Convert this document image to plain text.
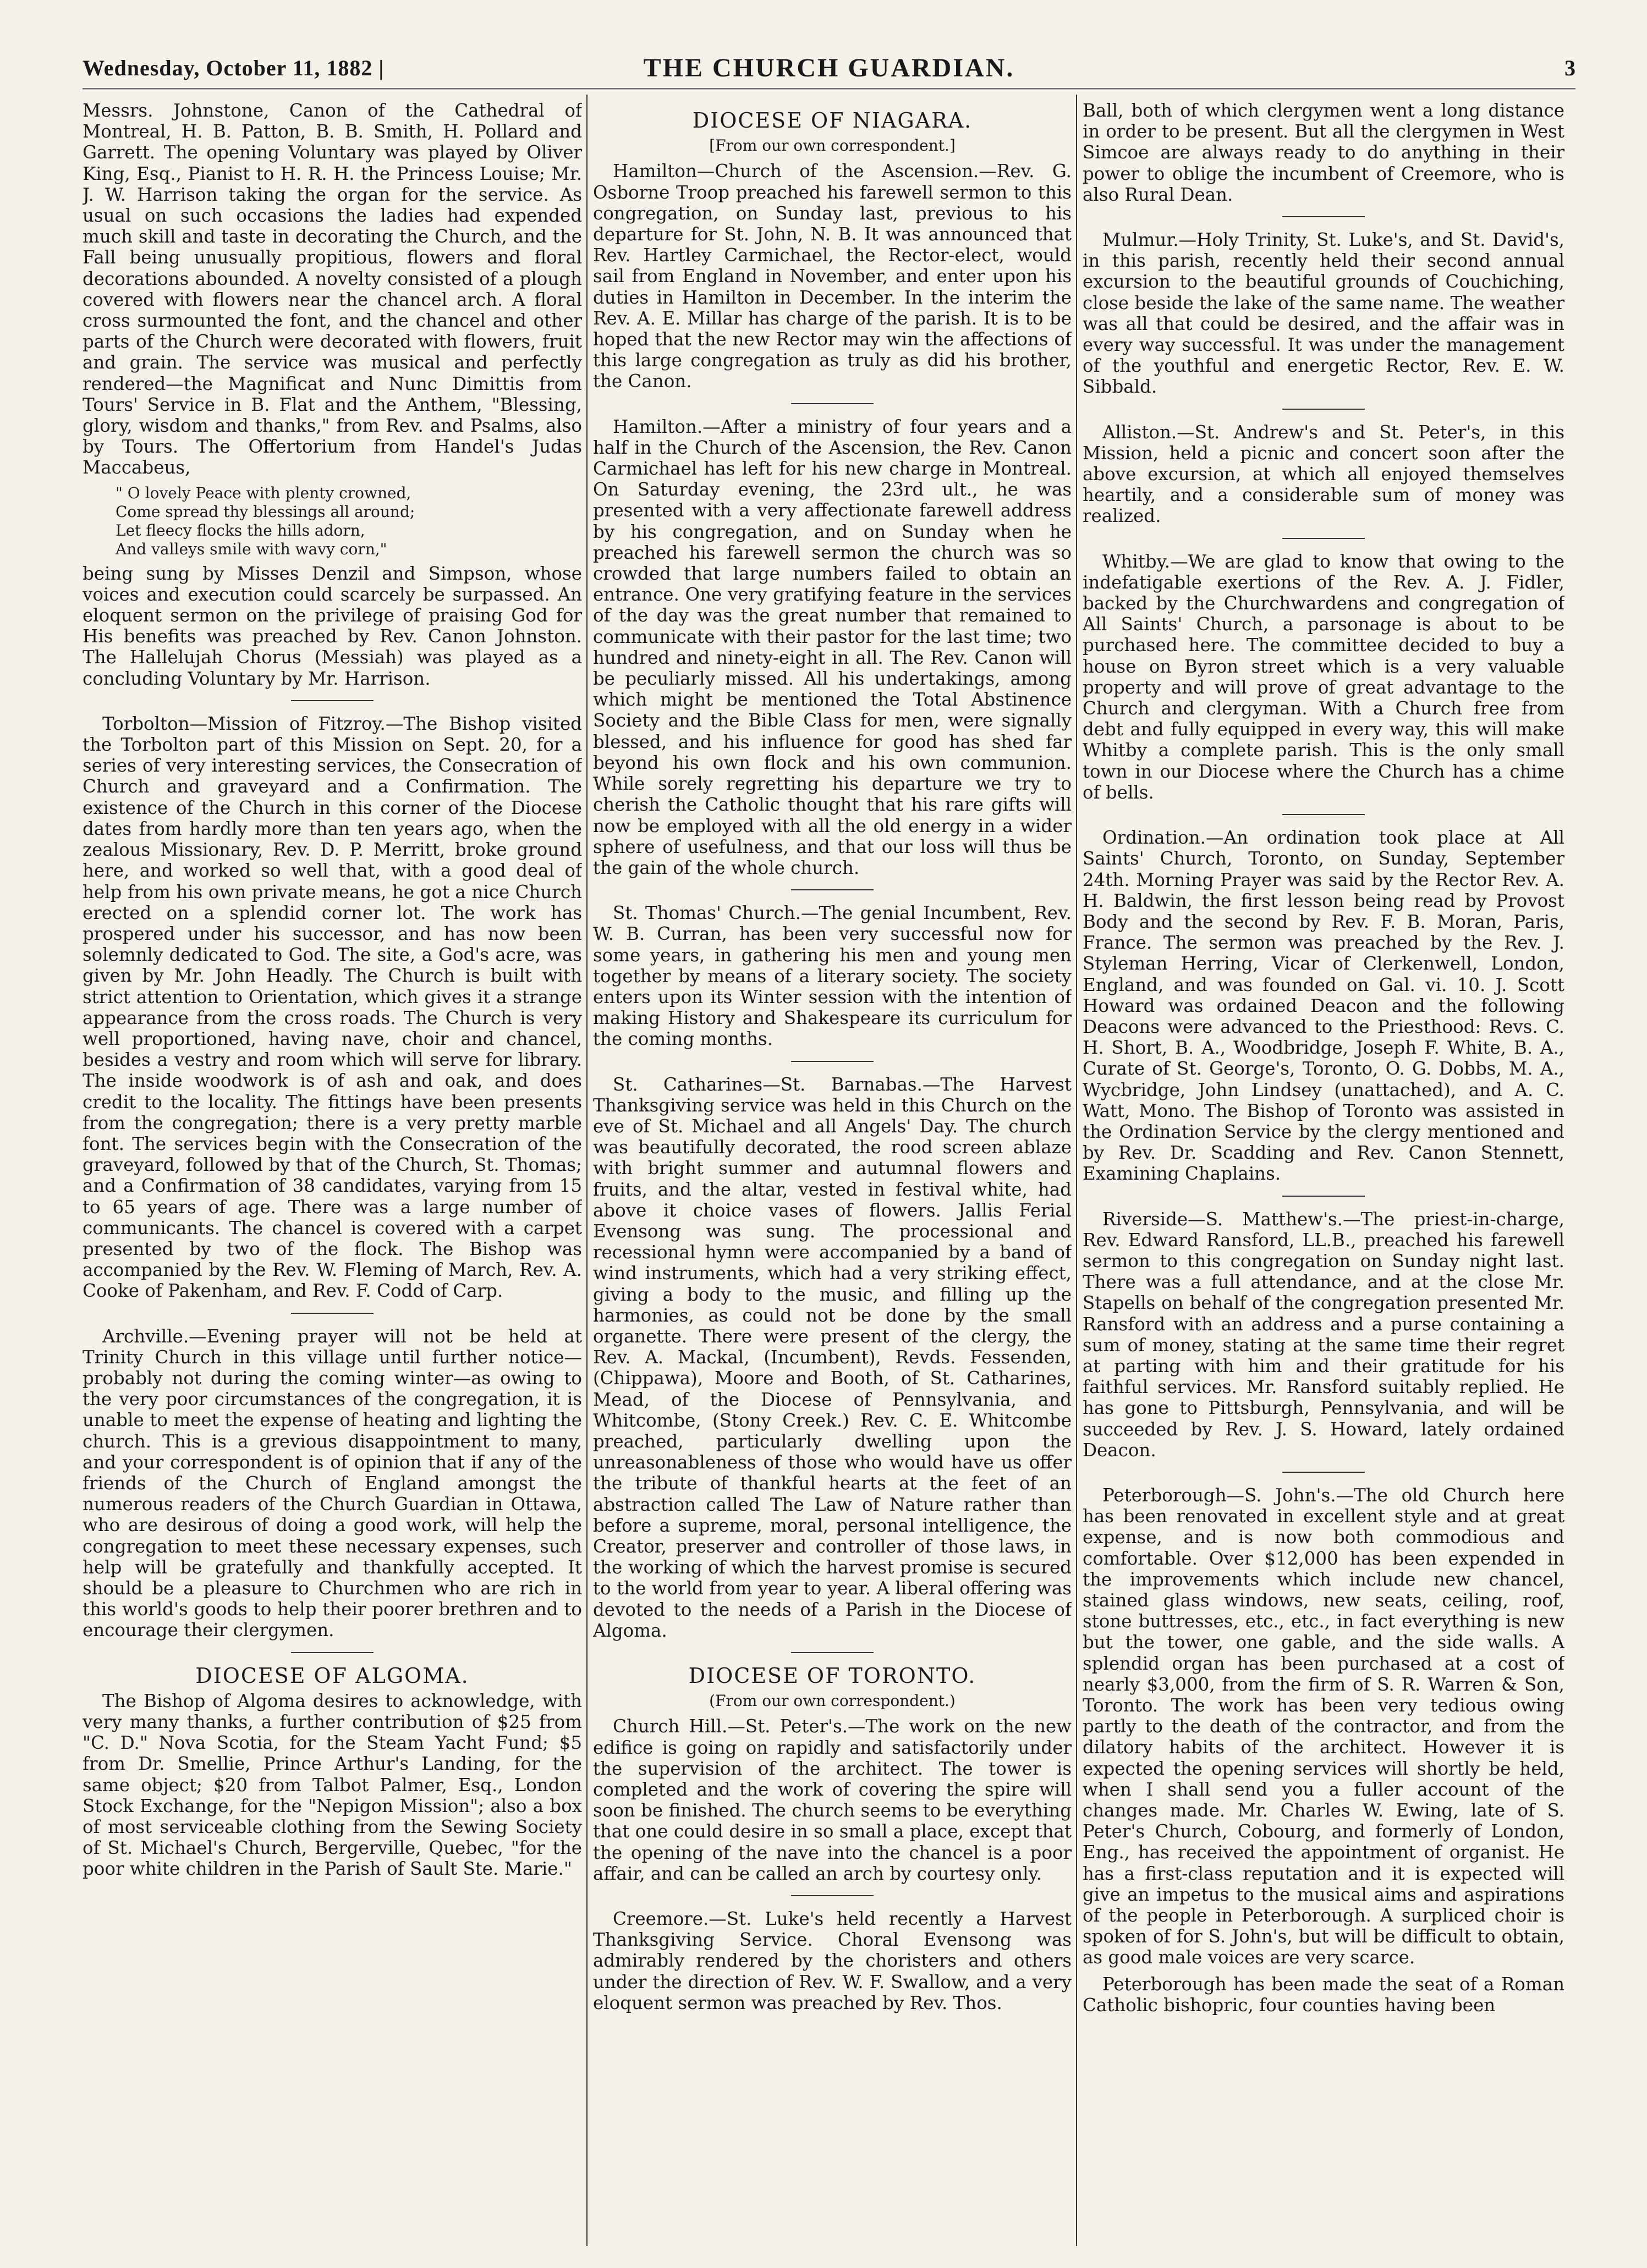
Wednesday, October 11, 1882 |	THE CHURCH GUARDIAN.	3

Messrs. Johnstone, Canon of the Cathedral of Montreal, H. B. Patton, B. B. Smith, H. Pollard and Garrett. The opening Voluntary was played by Oliver King, Esq., Pianist to H. R. H. the Princess Louise; Mr. J. W. Harrison taking the organ for the service. As usual on such occasions the ladies had expended much skill and taste in decorating the Church, and the Fall being unusually propitious, flowers and floral decorations abounded. A novelty consisted of a plough covered with flowers near the chancel arch. A floral cross surmounted the font, and the chancel and other parts of the Church were decorated with flowers, fruit and grain. The service was musical and perfectly rendered—the Magnificat and Nunc Dimittis from Tours' Service in B. Flat and the Anthem, "Blessing, glory, wisdom and thanks," from Rev. and Psalms, also by Tours. The Offertorium from Handel's Judas Maccabeus,

" O lovely Peace with plenty crowned,
Come spread thy blessings all around;
Let fleecy flocks the hills adorn,
And valleys smile with wavy corn,"

being sung by Misses Denzil and Simpson, whose voices and execution could scarcely be surpassed. An eloquent sermon on the privilege of praising God for His benefits was preached by Rev. Canon Johnston. The Hallelujah Chorus (Messiah) was played as a concluding Voluntary by Mr. Harrison.

Torbolton—Mission of Fitzroy.—The Bishop visited the Torbolton part of this Mission on Sept. 20, for a series of very interesting services, the Consecration of Church and graveyard and a Confirmation. The existence of the Church in this corner of the Diocese dates from hardly more than ten years ago, when the zealous Missionary, Rev. D. P. Merritt, broke ground here, and worked so well that, with a good deal of help from his own private means, he got a nice Church erected on a splendid corner lot. The work has prospered under his successor, and has now been solemnly dedicated to God. The site, a God's acre, was given by Mr. John Headly. The Church is built with strict attention to Orientation, which gives it a strange appearance from the cross roads. The Church is very well proportioned, having nave, choir and chancel, besides a vestry and room which will serve for library. The inside woodwork is of ash and oak, and does credit to the locality. The fittings have been presents from the congregation; there is a very pretty marble font. The services begin with the Consecration of the graveyard, followed by that of the Church, St. Thomas; and a Confirmation of 38 candidates, varying from 15 to 65 years of age. There was a large number of communicants. The chancel is covered with a carpet presented by two of the flock. The Bishop was accompanied by the Rev. W. Fleming of March, Rev. A. Cooke of Pakenham, and Rev. F. Codd of Carp.

Archville.—Evening prayer will not be held at Trinity Church in this village until further notice—probably not during the coming winter—as owing to the very poor circumstances of the congregation, it is unable to meet the expense of heating and lighting the church. This is a grevious disappointment to many, and your correspondent is of opinion that if any of the friends of the Church of England amongst the numerous readers of the Church Guardian in Ottawa, who are desirous of doing a good work, will help the congregation to meet these necessary expenses, such help will be gratefully and thankfully accepted. It should be a pleasure to Churchmen who are rich in this world's goods to help their poorer brethren and to encourage their clergymen.

DIOCESE OF ALGOMA.

The Bishop of Algoma desires to acknowledge, with very many thanks, a further contribution of $25 from "C. D." Nova Scotia, for the Steam Yacht Fund; $5 from Dr. Smellie, Prince Arthur's Landing, for the same object; $20 from Talbot Palmer, Esq., London Stock Exchange, for the "Nepigon Mission"; also a box of most serviceable clothing from the Sewing Society of St. Michael's Church, Bergerville, Quebec, "for the poor white children in the Parish of Sault Ste. Marie."

DIOCESE OF NIAGARA.
[From our own correspondent.]

Hamilton—Church of the Ascension.—Rev. G. Osborne Troop preached his farewell sermon to this congregation, on Sunday last, previous to his departure for St. John, N. B. It was announced that Rev. Hartley Carmichael, the Rector-elect, would sail from England in November, and enter upon his duties in Hamilton in December. In the interim the Rev. A. E. Millar has charge of the parish. It is to be hoped that the new Rector may win the affections of this large congregation as truly as did his brother, the Canon.

Hamilton.—After a ministry of four years and a half in the Church of the Ascension, the Rev. Canon Carmichael has left for his new charge in Montreal. On Saturday evening, the 23rd ult., he was presented with a very affectionate farewell address by his congregation, and on Sunday when he preached his farewell sermon the church was so crowded that large numbers failed to obtain an entrance. One very gratifying feature in the services of the day was the great number that remained to communicate with their pastor for the last time; two hundred and ninety-eight in all. The Rev. Canon will be peculiarly missed. All his undertakings, among which might be mentioned the Total Abstinence Society and the Bible Class for men, were signally blessed, and his influence for good has shed far beyond his own flock and his own communion. While sorely regretting his departure we try to cherish the Catholic thought that his rare gifts will now be employed with all the old energy in a wider sphere of usefulness, and that our loss will thus be the gain of the whole church.

St. Thomas' Church.—The genial Incumbent, Rev. W. B. Curran, has been very successful now for some years, in gathering his men and young men together by means of a literary society. The society enters upon its Winter session with the intention of making History and Shakespeare its curriculum for the coming months.

St. Catharines—St. Barnabas.—The Harvest Thanksgiving service was held in this Church on the eve of St. Michael and all Angels' Day. The church was beautifully decorated, the rood screen ablaze with bright summer and autumnal flowers and fruits, and the altar, vested in festival white, had above it choice vases of flowers. Jallis Ferial Evensong was sung. The processional and recessional hymn were accompanied by a band of wind instruments, which had a very striking effect, giving a body to the music, and filling up the harmonies, as could not be done by the small organette. There were present of the clergy, the Rev. A. Mackal, (Incumbent), Revds. Fessenden, (Chippawa), Moore and Booth, of St. Catharines, Mead, of the Diocese of Pennsylvania, and Whitcombe, (Stony Creek.) Rev. C. E. Whitcombe preached, particularly dwelling upon the unreasonableness of those who would have us offer the tribute of thankful hearts at the feet of an abstraction called The Law of Nature rather than before a supreme, moral, personal intelligence, the Creator, preserver and controller of those laws, in the working of which the harvest promise is secured to the world from year to year. A liberal offering was devoted to the needs of a Parish in the Diocese of Algoma.

DIOCESE OF TORONTO.
(From our own correspondent.)

Church Hill.—St. Peter's.—The work on the new edifice is going on rapidly and satisfactorily under the supervision of the architect. The tower is completed and the work of covering the spire will soon be finished. The church seems to be everything that one could desire in so small a place, except that the opening of the nave into the chancel is a poor affair, and can be called an arch by courtesy only.

Creemore.—St. Luke's held recently a Harvest Thanksgiving Service. Choral Evensong was admirably rendered by the choristers and others under the direction of Rev. W. F. Swallow, and a very eloquent sermon was preached by Rev. Thos.

Ball, both of which clergymen went a long distance in order to be present. But all the clergymen in West Simcoe are always ready to do anything in their power to oblige the incumbent of Creemore, who is also Rural Dean.

Mulmur.—Holy Trinity, St. Luke's, and St. David's, in this parish, recently held their second annual excursion to the beautiful grounds of Couchiching, close beside the lake of the same name. The weather was all that could be desired, and the affair was in every way successful. It was under the management of the youthful and energetic Rector, Rev. E. W. Sibbald.

Alliston.—St. Andrew's and St. Peter's, in this Mission, held a picnic and concert soon after the above excursion, at which all enjoyed themselves heartily, and a considerable sum of money was realized.

Whitby.—We are glad to know that owing to the indefatigable exertions of the Rev. A. J. Fidler, backed by the Churchwardens and congregation of All Saints' Church, a parsonage is about to be purchased here. The committee decided to buy a house on Byron street which is a very valuable property and will prove of great advantage to the Church and clergyman. With a Church free from debt and fully equipped in every way, this will make Whitby a complete parish. This is the only small town in our Diocese where the Church has a chime of bells.

Ordination.—An ordination took place at All Saints' Church, Toronto, on Sunday, September 24th. Morning Prayer was said by the Rector Rev. A. H. Baldwin, the first lesson being read by Provost Body and the second by Rev. F. B. Moran, Paris, France. The sermon was preached by the Rev. J. Styleman Herring, Vicar of Clerkenwell, London, England, and was founded on Gal. vi. 10. J. Scott Howard was ordained Deacon and the following Deacons were advanced to the Priesthood: Revs. C. H. Short, B. A., Woodbridge, Joseph F. White, B. A., Curate of St. George's, Toronto, O. G. Dobbs, M. A., Wycbridge, John Lindsey (unattached), and A. C. Watt, Mono. The Bishop of Toronto was assisted in the Ordination Service by the clergy mentioned and by Rev. Dr. Scadding and Rev. Canon Stennett, Examining Chaplains.

Riverside—S. Matthew's.—The priest-in-charge, Rev. Edward Ransford, LL.B., preached his farewell sermon to this congregation on Sunday night last. There was a full attendance, and at the close Mr. Stapells on behalf of the congregation presented Mr. Ransford with an address and a purse containing a sum of money, stating at the same time their regret at parting with him and their gratitude for his faithful services. Mr. Ransford suitably replied. He has gone to Pittsburgh, Pennsylvania, and will be succeeded by Rev. J. S. Howard, lately ordained Deacon.

Peterborough—S. John's.—The old Church here has been renovated in excellent style and at great expense, and is now both commodious and comfortable. Over $12,000 has been expended in the improvements which include new chancel, stained glass windows, new seats, ceiling, roof, stone buttresses, etc., etc., in fact everything is new but the tower, one gable, and the side walls. A splendid organ has been purchased at a cost of nearly $3,000, from the firm of S. R. Warren & Son, Toronto. The work has been very tedious owing partly to the death of the contractor, and from the dilatory habits of the architect. However it is expected the opening services will shortly be held, when I shall send you a fuller account of the changes made. Mr. Charles W. Ewing, late of S. Peter's Church, Cobourg, and formerly of London, Eng., has received the appointment of organist. He has a first-class reputation and it is expected will give an impetus to the musical aims and aspirations of the people in Peterborough. A surpliced choir is spoken of for S. John's, but will be difficult to obtain, as good male voices are very scarce.

Peterborough has been made the seat of a Roman Catholic bishopric, four counties having been
